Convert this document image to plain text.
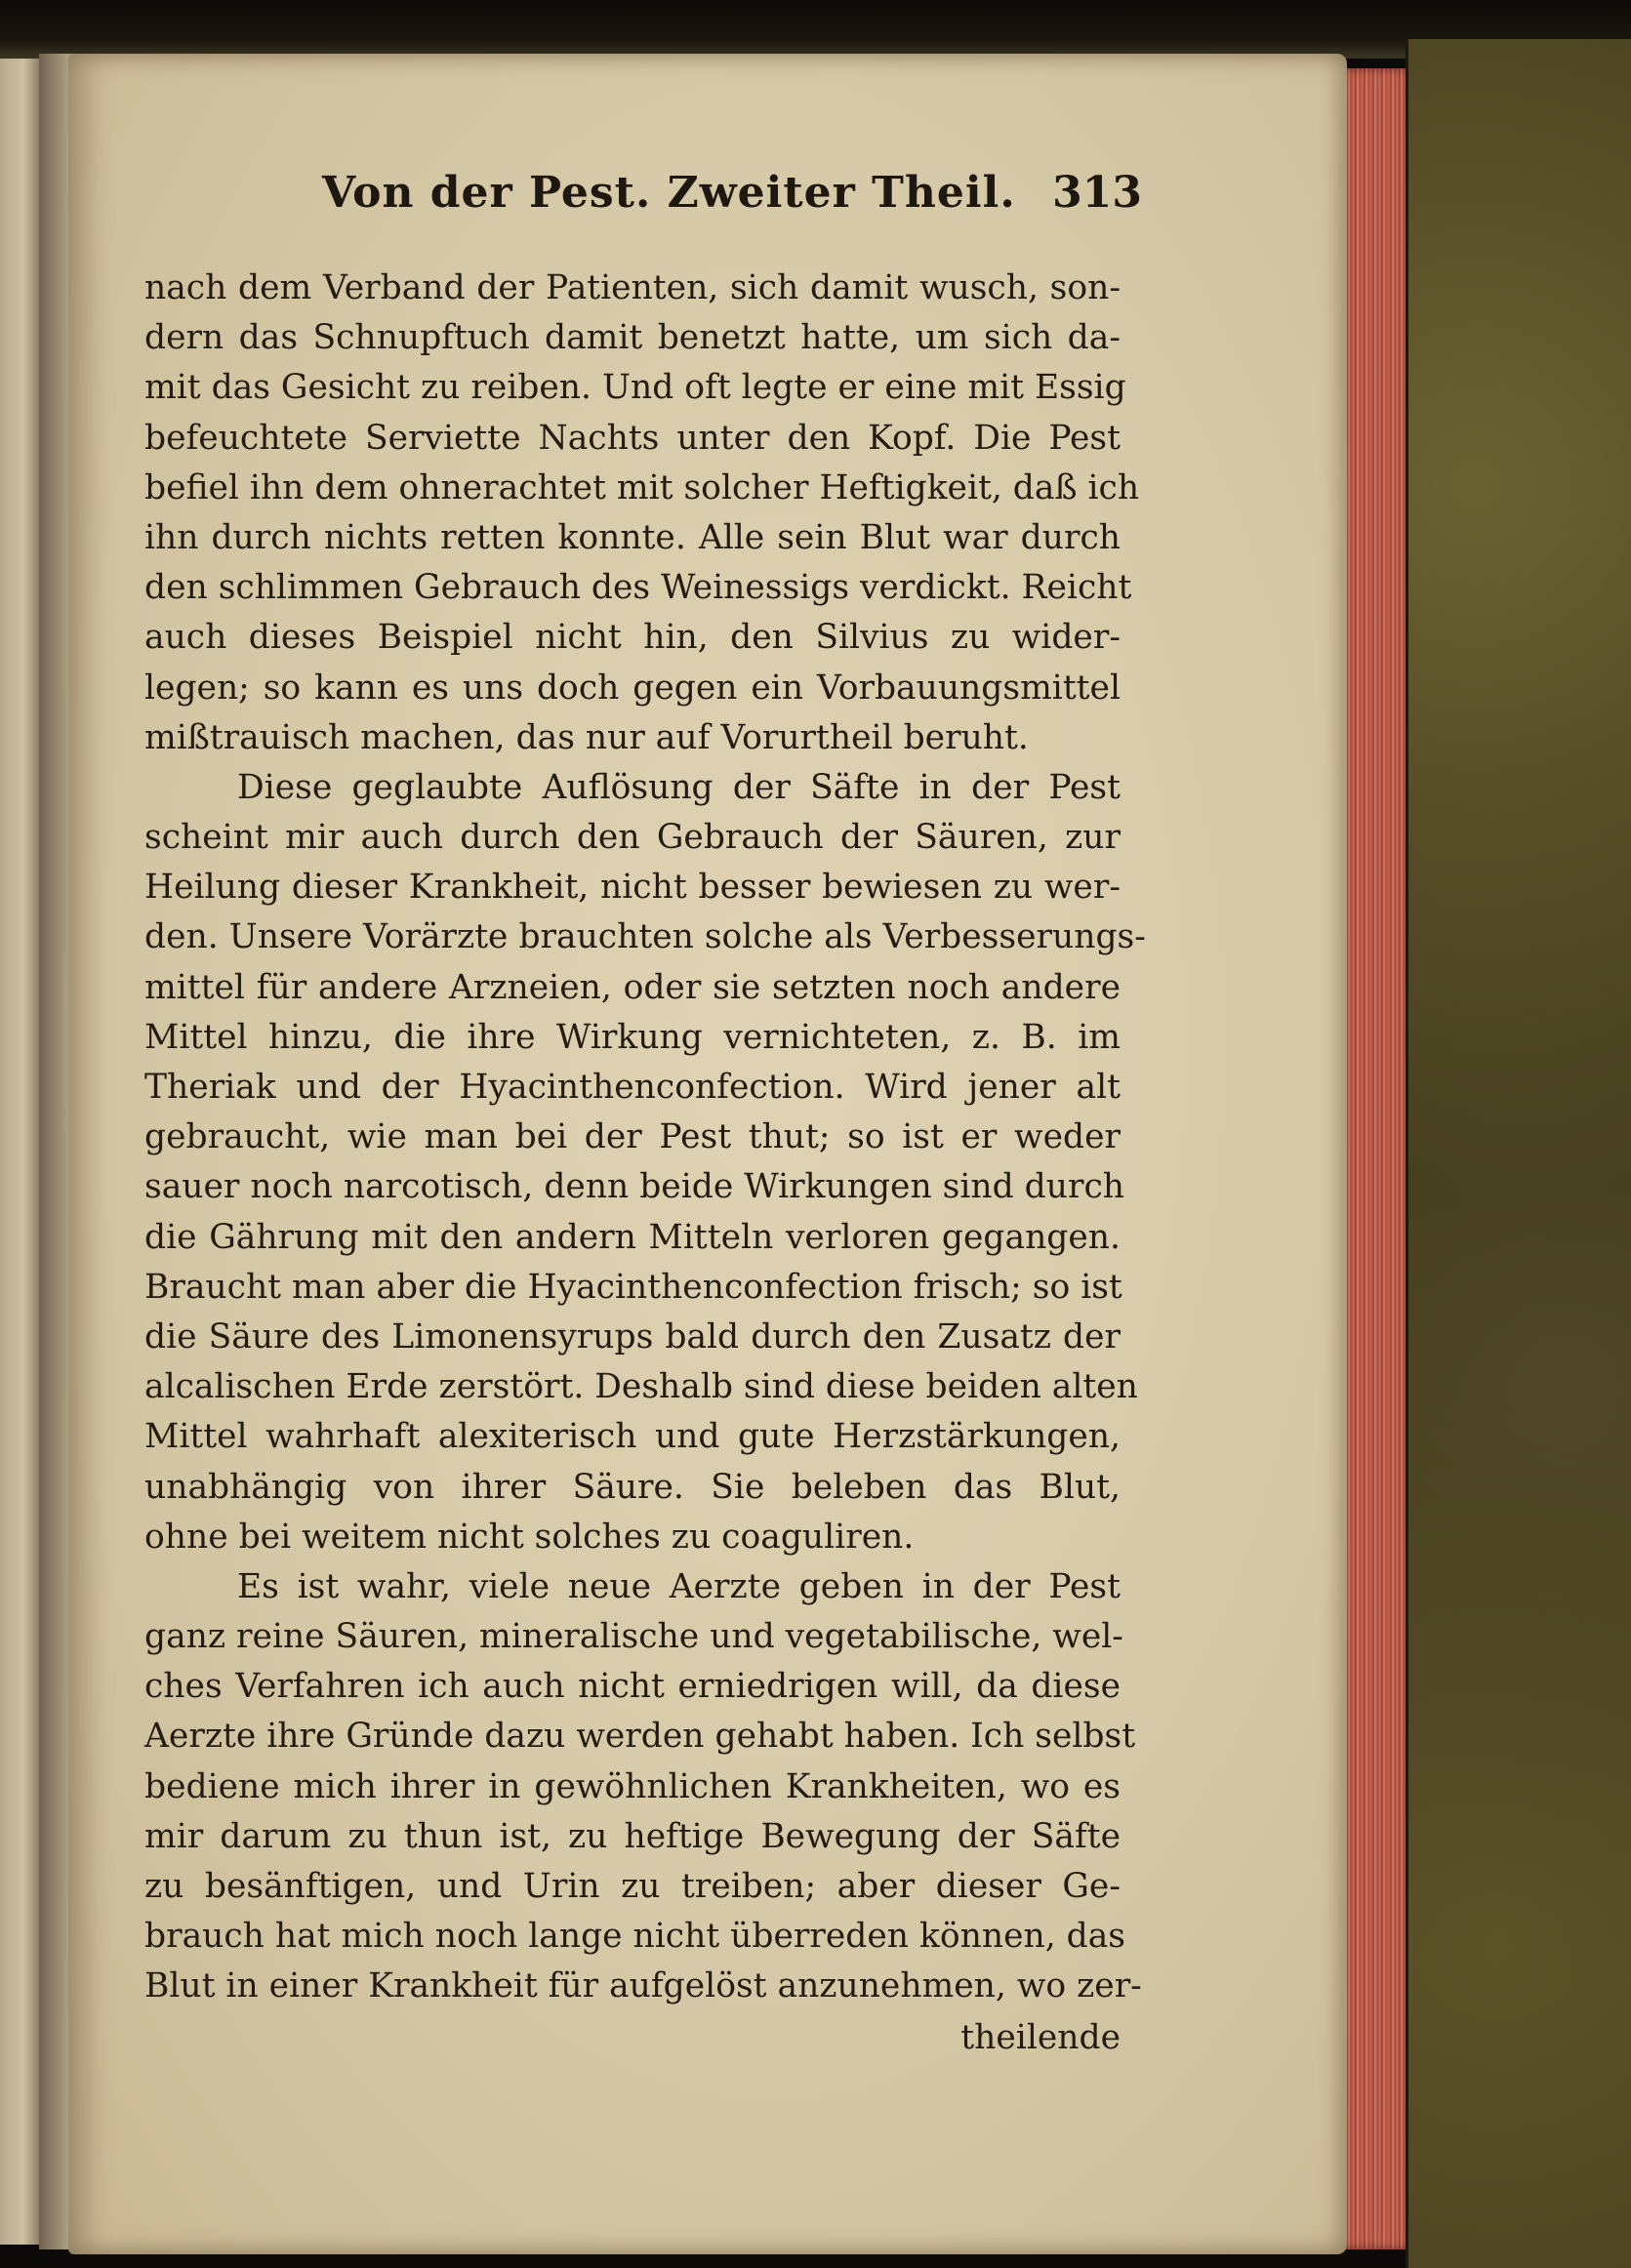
Von der Pest. Zweiter Theil. 313
nach dem Verband der Patienten, sich damit wusch, son-
dern das Schnupftuch damit benetzt hatte, um sich da-
mit das Gesicht zu reiben. Und oft legte er eine mit Essig
befeuchtete Serviette Nachts unter den Kopf. Die Pest
befiel ihn dem ohnerachtet mit solcher Heftigkeit, daß ich
ihn durch nichts retten konnte. Alle sein Blut war durch
den schlimmen Gebrauch des Weinessigs verdickt. Reicht
auch dieses Beispiel nicht hin, den Silvius zu wider-
legen; so kann es uns doch gegen ein Vorbauungsmittel
mißtrauisch machen, das nur auf Vorurtheil beruht.
Diese geglaubte Auflösung der Säfte in der Pest
scheint mir auch durch den Gebrauch der Säuren, zur
Heilung dieser Krankheit, nicht besser bewiesen zu wer-
den. Unsere Vorärzte brauchten solche als Verbesserungs-
mittel für andere Arzneien, oder sie setzten noch andere
Mittel hinzu, die ihre Wirkung vernichteten, z. B. im
Theriak und der Hyacinthenconfection. Wird jener alt
gebraucht, wie man bei der Pest thut; so ist er weder
sauer noch narcotisch, denn beide Wirkungen sind durch
die Gährung mit den andern Mitteln verloren gegangen.
Braucht man aber die Hyacinthenconfection frisch; so ist
die Säure des Limonensyrups bald durch den Zusatz der
alcalischen Erde zerstört. Deshalb sind diese beiden alten
Mittel wahrhaft alexiterisch und gute Herzstärkungen,
unabhängig von ihrer Säure. Sie beleben das Blut,
ohne bei weitem nicht solches zu coaguliren.
Es ist wahr, viele neue Aerzte geben in der Pest
ganz reine Säuren, mineralische und vegetabilische, wel-
ches Verfahren ich auch nicht erniedrigen will, da diese
Aerzte ihre Gründe dazu werden gehabt haben. Ich selbst
bediene mich ihrer in gewöhnlichen Krankheiten, wo es
mir darum zu thun ist, zu heftige Bewegung der Säfte
zu besänftigen, und Urin zu treiben; aber dieser Ge-
brauch hat mich noch lange nicht überreden können, das
Blut in einer Krankheit für aufgelöst anzunehmen, wo zer-
theilende
